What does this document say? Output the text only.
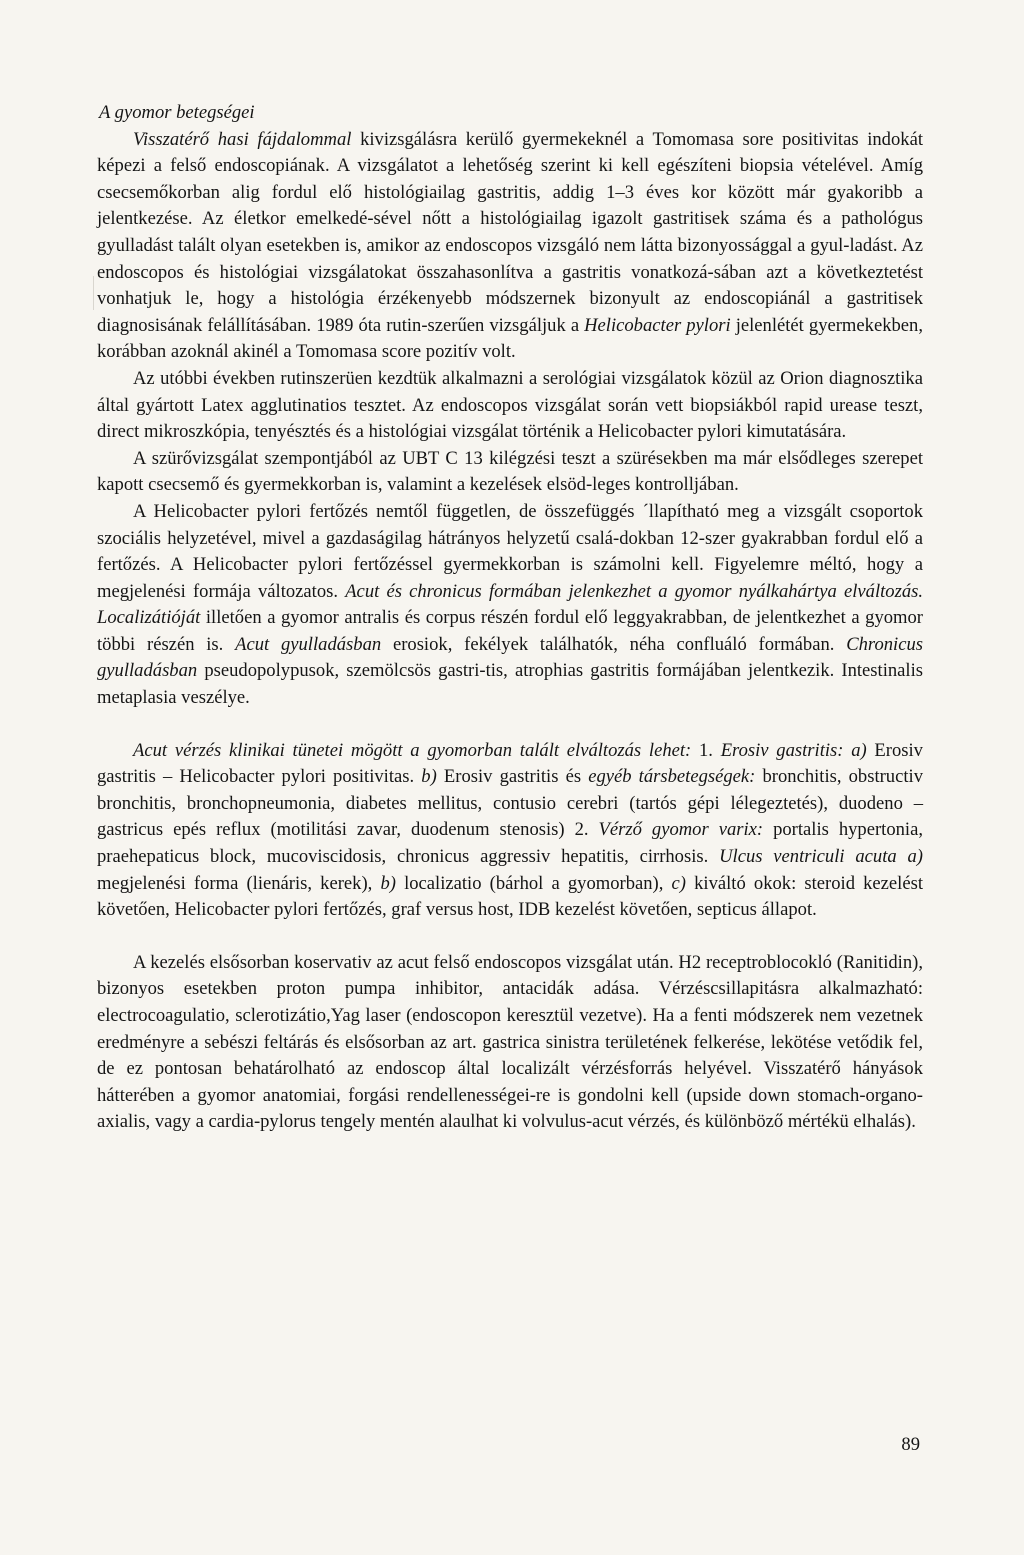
A gyomor betegségei

Visszatérő hasi fájdalommal kivizsgálásra kerülő gyermekeknél a Tomomasa sore positivitas indokát képezi a felső endoscopiának. A vizsgálatot a lehetőség szerint ki kell egészíteni biopsia vételével. Amíg csecsemőkorban alig fordul elő histológiailag gastritis, addig 1–3 éves kor között már gyakoribb a jelentkezése. Az életkor emelkedé-sével nőtt a histológiailag igazolt gastritisek száma és a pathológus gyulladást talált olyan esetekben is, amikor az endoscopos vizsgáló nem látta bizonyossággal a gyul-ladást. Az endoscopos és histológiai vizsgálatokat összahasonlítva a gastritis vonatkozá-sában azt a következtetést vonhatjuk le, hogy a histológia érzékenyebb módszernek bizonyult az endoscopiánál a gastritisek diagnosisának felállításában. 1989 óta rutin-szerűen vizsgáljuk a Helicobacter pylori jelenlétét gyermekekben, korábban azoknál akinél a Tomomasa score pozitív volt.

Az utóbbi években rutinszerüen kezdtük alkalmazni a serológiai vizsgálatok közül az Orion diagnosztika által gyártott Latex agglutinatios tesztet. Az endoscopos vizsgálat során vett biopsiákból rapid urease teszt, direct mikroszkópia, tenyésztés és a histológiai vizsgálat történik a Helicobacter pylori kimutatására.

A szürővizsgálat szempontjából az UBT C 13 kilégzési teszt a szürésekben ma már elsődleges szerepet kapott csecsemő és gyermekkorban is, valamint a kezelések elsöd-leges kontrolljában.

A Helicobacter pylori fertőzés nemtől független, de összefüggés ´llapítható meg a vizsgált csoportok szociális helyzetével, mivel a gazdaságilag hátrányos helyzetű csalá-dokban 12-szer gyakrabban fordul elő a fertőzés. A Helicobacter pylori fertőzéssel gyermekkorban is számolni kell. Figyelemre méltó, hogy a megjelenési formája változatos. Acut és chronicus formában jelenkezhet a gyomor nyálkahártya elváltozás. Localizátióját illetően a gyomor antralis és corpus részén fordul elő leggyakrabban, de jelentkezhet a gyomor többi részén is. Acut gyulladásban erosiok, fekélyek találhatók, néha confluáló formában. Chronicus gyulladásban pseudopolypusok, szemölcsös gastri-tis, atrophias gastritis formájában jelentkezik. Intestinalis metaplasia veszélye.

Acut vérzés klinikai tünetei mögött a gyomorban talált elváltozás lehet: 1. Erosiv gastritis: a) Erosiv gastritis – Helicobacter pylori positivitas. b) Erosiv gastritis és egyéb társbetegségek: bronchitis, obstructiv bronchitis, bronchopneumonia, diabetes mellitus, contusio cerebri (tartós gépi lélegeztetés), duodeno – gastricus epés reflux (motilitási zavar, duodenum stenosis) 2. Vérző gyomor varix: portalis hypertonia, praehepaticus block, mucoviscidosis, chronicus aggressiv hepatitis, cirrhosis. Ulcus ventriculi acuta a) megjelenési forma (lienáris, kerek), b) localizatio (bárhol a gyomorban), c) kiváltó okok: steroid kezelést követően, Helicobacter pylori fertőzés, graf versus host, IDB kezelést követően, septicus állapot.

A kezelés elsősorban koservativ az acut felső endoscopos vizsgálat után. H2 receptroblocokló (Ranitidin), bizonyos esetekben proton pumpa inhibitor, antacidák adása. Vérzéscsillapitásra alkalmazható: electrocoagulatio, sclerotizátio,Yag laser (endoscopon keresztül vezetve). Ha a fenti módszerek nem vezetnek eredményre a sebészi feltárás és elsősorban az art. gastrica sinistra területének felkerése, lekötése vetődik fel, de ez pontosan behatárolható az endoscop által localizált vérzésforrás helyével. Visszatérő hányások hátterében a gyomor anatomiai, forgási rendellenességei-re is gondolni kell (upside down stomach-organo-axialis, vagy a cardia-pylorus tengely mentén alaulhat ki volvulus-acut vérzés, és különböző mértékü elhalás).

89
